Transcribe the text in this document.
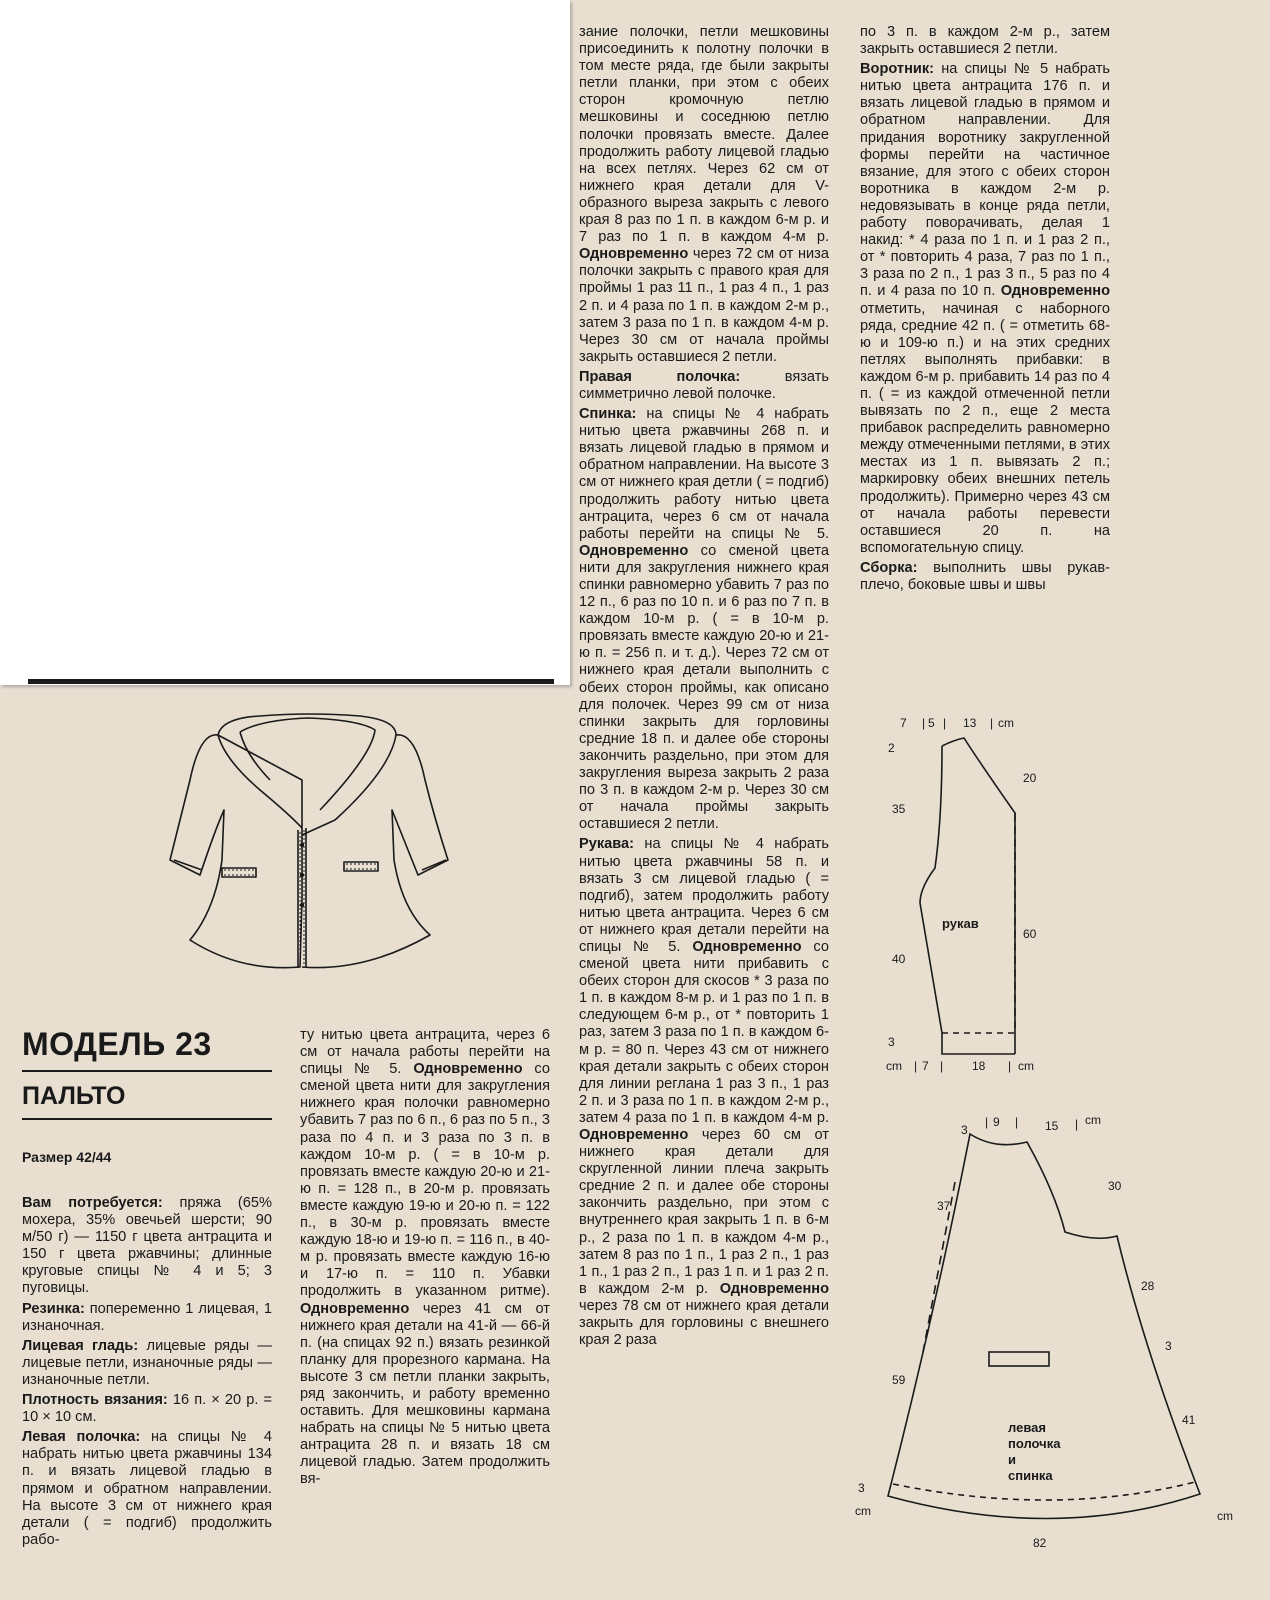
МОДЕЛЬ 23
ПАЛЬТО
Размер 42/44

Вам потребуется: пряжа (65% мохера, 35% овечьей шерсти; 90 м/50 г) — 1150 г цвета антрацита и 150 г цвета ржавчины; длинные круговые спицы № 4 и 5; 3 пуговицы.

Резинка: попеременно 1 лицевая, 1 изнаночная.

Лицевая гладь: лицевые ряды — лицевые петли, изнаночные ряды — изнаночные петли.

Плотность вязания: 16 п. × 20 р. = 10 × 10 см.

Левая полочка: на спицы № 4 набрать нитью цвета ржавчины 134 п. и вязать лицевой гладью в прямом и обратном направлении. На высоте 3 см от нижнего края детали ( = подгиб) продолжить рабо-

ту нитью цвета антрацита, через 6 см от начала работы перейти на спицы № 5. Одновременно со сменой цвета нити для закругления нижнего края полочки равномерно убавить 7 раз по 6 п., 6 раз по 5 п., 3 раза по 4 п. и 3 раза по 3 п. в каждом 10-м р. ( = в 10-м р. провязать вместе каждую 20-ю и 21-ю п. = 128 п., в 20-м р. провязать вместе каждую 19-ю и 20-ю п. = 122 п., в 30-м р. провязать вместе каждую 18-ю и 19-ю п. = 116 п., в 40-м р. провязать вместе каждую 16-ю и 17-ю п. = 110 п. Убавки продолжить в указанном ритме). Одновременно через 41 см от нижнего края детали на 41-й — 66-й п. (на спицах 92 п.) вязать резинкой планку для прорезного кармана. На высоте 3 см петли планки закрыть, ряд закончить, и работу временно оставить. Для мешковины кармана набрать на спицы № 5 нитью цвета антрацита 28 п. и вязать 18 см лицевой гладью. Затем продолжить вя-

зание полочки, петли мешковины присоединить к полотну полочки в том месте ряда, где были закрыты петли планки, при этом с обеих сторон кромочную петлю мешковины и соседнюю петлю полочки провязать вместе. Далее продолжить работу лицевой гладью на всех петлях. Через 62 см от нижнего края детали для V-образного выреза закрыть с левого края 8 раз по 1 п. в каждом 6-м р. и 7 раз по 1 п. в каждом 4-м р. Одновременно через 72 см от низа полочки закрыть с правого края для проймы 1 раз 11 п., 1 раз 4 п., 1 раз 2 п. и 4 раза по 1 п. в каждом 2-м р., затем 3 раза по 1 п. в каждом 4-м р. Через 30 см от начала проймы закрыть оставшиеся 2 петли.

Правая полочка: вязать симметрично левой полочке.

Спинка: на спицы № 4 набрать нитью цвета ржавчины 268 п. и вязать лицевой гладью в прямом и обратном направлении. На высоте 3 см от нижнего края детли ( = подгиб) продолжить работу нитью цвета антрацита, через 6 см от начала работы перейти на спицы № 5. Одновременно со сменой цвета нити для закругления нижнего края спинки равномерно убавить 7 раз по 12 п., 6 раз по 10 п. и 6 раз по 7 п. в каждом 10-м р. ( = в 10-м р. провязать вместе каждую 20-ю и 21-ю п. = 256 п. и т. д.). Через 72 см от нижнего края детали выполнить с обеих сторон проймы, как описано для полочек. Через 99 см от низа спинки закрыть для горловины средние 18 п. и далее обе стороны закончить раздельно, при этом для закругления выреза закрыть 2 раза по 3 п. в каждом 2-м р. Через 30 см от начала проймы закрыть оставшиеся 2 петли.

Рукава: на спицы № 4 набрать нитью цвета ржавчины 58 п. и вязать 3 см лицевой гладью ( = подгиб), затем продолжить работу нитью цвета антрацита. Через 6 см от нижнего края детали перейти на спицы № 5. Одновременно со сменой цвета нити прибавить с обеих сторон для скосов * 3 раза по 1 п. в каждом 8-м р. и 1 раз по 1 п. в следующем 6-м р., от * повторить 1 раз, затем 3 раза по 1 п. в каждом 6-м р. = 80 п. Через 43 см от нижнего края детали закрыть с обеих сторон для линии реглана 1 раз 3 п., 1 раз 2 п. и 3 раза по 1 п. в каждом 2-м р., затем 4 раза по 1 п. в каждом 4-м р. Одновременно через 60 см от нижнего края детали для скругленной линии плеча закрыть средние 2 п. и далее обе стороны закончить раздельно, при этом с внутреннего края закрыть 1 п. в 6-м р., 2 раза по 1 п. в каждом 4-м р., затем 8 раз по 1 п., 1 раз 2 п., 1 раз 1 п., 1 раз 2 п., 1 раз 1 п. и 1 раз 2 п. в каждом 2-м р. Одновременно через 78 см от нижнего края детали закрыть для горловины с внешнего края 2 раза

по 3 п. в каждом 2-м р., затем закрыть оставшиеся 2 петли.

Воротник: на спицы № 5 набрать нитью цвета антрацита 176 п. и вязать лицевой гладью в прямом и обратном направлении. Для придания воротнику закругленной формы перейти на частичное вязание, для этого с обеих сторон воротника в каждом 2-м р. недовязывать в конце ряда петли, работу поворачивать, делая 1 накид: * 4 раза по 1 п. и 1 раз 2 п., от * повторить 4 раза, 7 раз по 1 п., 3 раза по 2 п., 1 раз 3 п., 5 раз по 4 п. и 4 раза по 10 п. Одновременно отметить, начиная с наборного ряда, средние 42 п. ( = отметить 68-ю и 109-ю п.) и на этих средних петлях выполнять прибавки: в каждом 6-м р. прибавить 14 раз по 4 п. ( = из каждой отмеченной петли вывязать по 2 п., еще 2 места прибавок распределить равномерно между отмеченными петлями, в этих местах из 1 п. вывязать 2 п.; маркировку обеих внешних петель продолжить). Примерно через 43 см от начала работы перевести оставшиеся 20 п. на вспомогательную спицу.

Сборка: выполнить швы рукав-плечо, боковые швы и швы

7 | 5 | 13 | cm
2
35
40
3
20
60
рукав
cm | 7 | 18 | cm
3
| 9 | 15 | cm
37
30
28
3
59
41
3
82
cm	cm
левая полочка и спинка
